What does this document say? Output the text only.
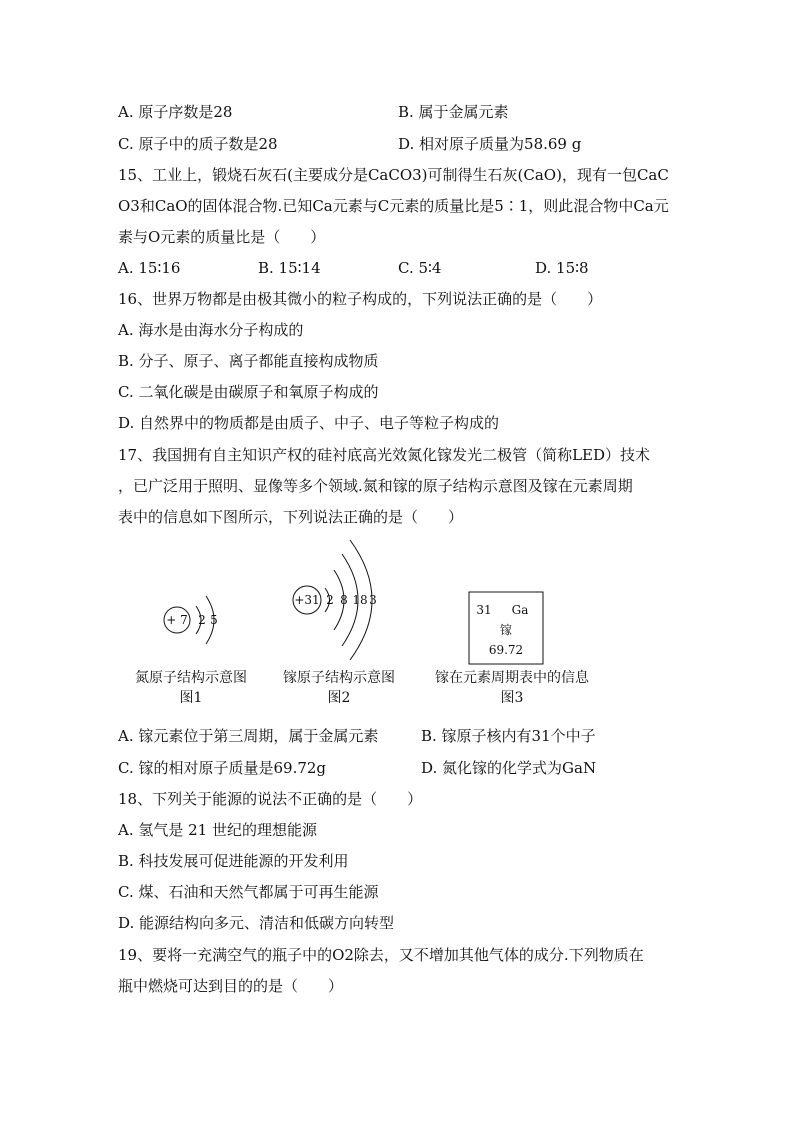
A. 原子序数是28	B. 属于金属元素
C. 原子中的质子数是28	D. 相对原子质量为58.69 g
15、工业上，锻烧石灰石(主要成分是CaCO3)可制得生石灰(CaO)，现有一包CaC
O3和CaO的固体混合物.已知Ca元素与C元素的质量比是5∶1，则此混合物中Ca元
素与O元素的质量比是（　　）
A. 15∶16	B. 15∶14	C. 5∶4	D. 15∶8
16、世界万物都是由极其微小的粒子构成的，下列说法正确的是（　　）
A. 海水是由海水分子构成的
B. 分子、原子、离子都能直接构成物质
C. 二氧化碳是由碳原子和氧原子构成的
D. 自然界中的物质都是由质子、中子、电子等粒子构成的
17、我国拥有自主知识产权的硅衬底高光效氮化镓发光二极管（简称LED）技术
，已广泛用于照明、显像等多个领域.氮和镓的原子结构示意图及镓在元素周期
表中的信息如下图所示，下列说法正确的是（　　）
+ 7 2 5
+31 2 8 18 3
31 Ga
镓
69.72
氮原子结构示意图
图1
镓原子结构示意图
图2
镓在元素周期表中的信息
图3
A. 镓元素位于第三周期，属于金属元素	B. 镓原子核内有31个中子
C. 镓的相对原子质量是69.72g	D. 氮化镓的化学式为GaN
18、下列关于能源的说法不正确的是（　　）
A. 氢气是 21 世纪的理想能源
B. 科技发展可促进能源的开发利用
C. 煤、石油和天然气都属于可再生能源
D. 能源结构向多元、清洁和低碳方向转型
19、要将一充满空气的瓶子中的O2除去，又不增加其他气体的成分.下列物质在
瓶中燃烧可达到目的的是（　　）
